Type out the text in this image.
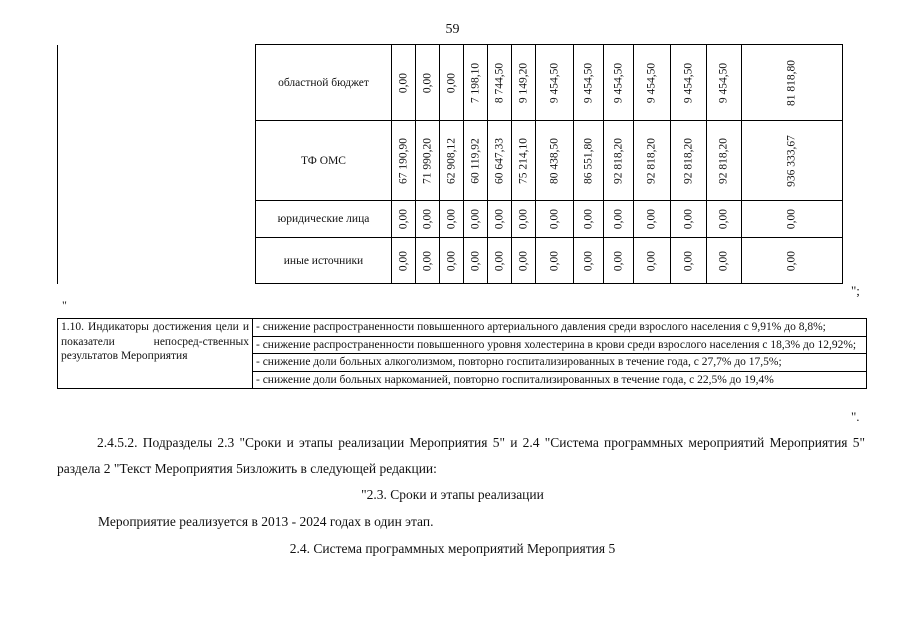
59
	областной бюджет	0,00	0,00	0,00	7 198,10	8 744,50	9 149,20	9 454,50	9 454,50	9 454,50	9 454,50	9 454,50	9 454,50	81 818,80

	ТФ ОМС	67 190,90	71 990,20	62 908,12	60 119,92	60 647,33	75 214,10	80 438,50	86 551,80	92 818,20	92 818,20	92 818,20	92 818,20	936 333,67

	юридические лица	0,00	0,00	0,00	0,00	0,00	0,00	0,00	0,00	0,00	0,00	0,00	0,00	0,00

	иные источники	0,00	0,00	0,00	0,00	0,00	0,00	0,00	0,00	0,00	0,00	0,00	0,00	0,00
";
"
1.10. Индикаторы достижения цели и показатели непосред-ственных результатов Мероприятия	
- снижение распространенности повышенного артериального давления среди взрослого населения с 9,91% до 8,8%;
- снижение распространенности повышенного уровня холестерина в крови среди взрослого населения с 18,3% до 12,92%;
- снижение доли больных алкоголизмом, повторно госпитализированных в течение года, с 27,7% до 17,5%;
- снижение доли больных наркоманией, повторно госпитализированных в течение года, с 22,5% до 19,4%
".
2.4.5.2. Подразделы 2.3 "Сроки и этапы реализации Мероприятия 5" и 2.4 "Система программных мероприятий Мероприятия 5" раздела 2 "Текст Мероприятия 5изложить в следующей редакции:
"2.3. Сроки и этапы реализации
Мероприятие реализуется в 2013 - 2024 годах в один этап.
2.4. Система программных мероприятий Мероприятия 5
